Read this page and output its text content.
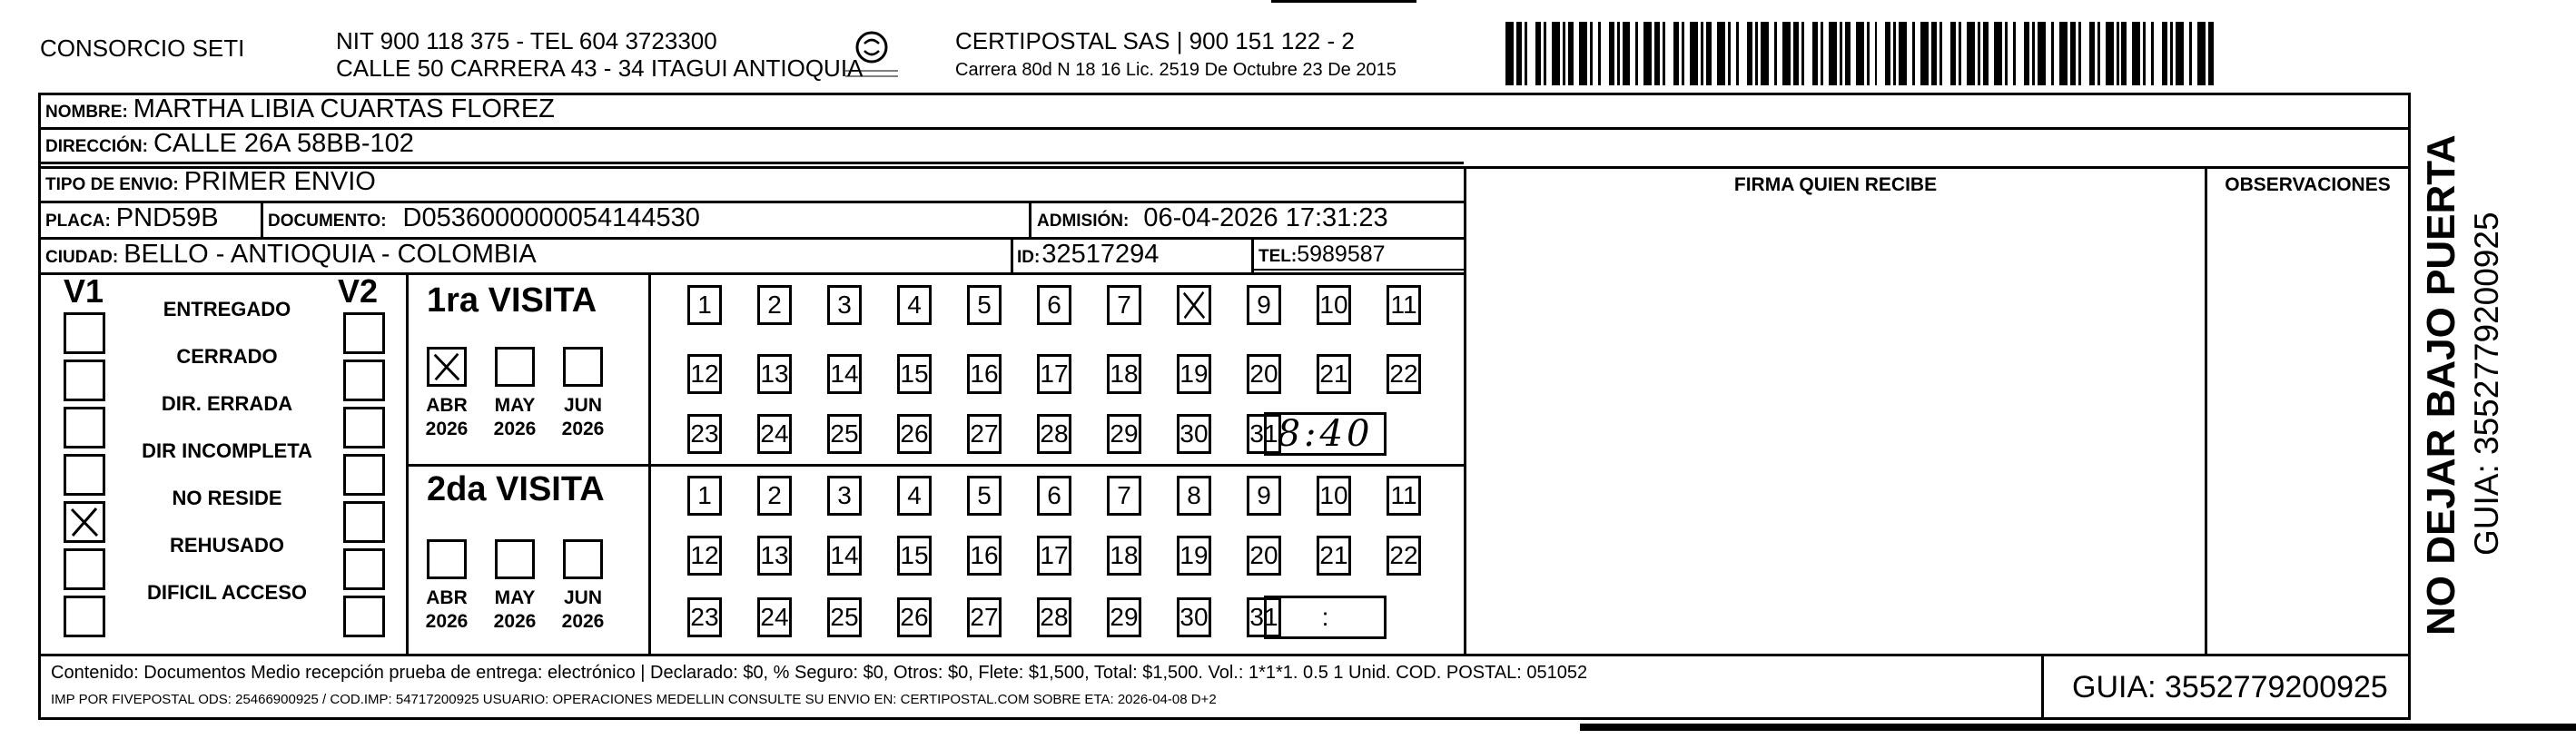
CONSORCIO SETI	NIT 900 118 375 - TEL 604 3723300
CALLE 50 CARRERA 43 - 34 ITAGUI ANTIOQUIA
CERTIPOSTAL SAS | 900 151 122 - 2
Carrera 80d N 18 16 Lic. 2519 De Octubre 23 De 2015
NOMBRE: MARTHA LIBIA CUARTAS FLOREZ
DIRECCIÓN: CALLE 26A 58BB-102
TIPO DE ENVIO: PRIMER ENVIO	FIRMA QUIEN RECIBE	OBSERVACIONES
PLACA: PND59B	DOCUMENTO: D0536000000054144530	ADMISIÓN: 06-04-2026 17:31:23
CIUDAD: BELLO - ANTIOQUIA - COLOMBIA	ID: 32517294	TEL: 5989587
V1	V2
ENTREGADO
CERRADO
DIR. ERRADA
DIR INCOMPLETA
NO RESIDE
REHUSADO
DIFICIL ACCESO
1ra VISITA
2da VISITA
ABR
2026
MAY
2026
JUN
2026
ABR
2026
MAY
2026
JUN
2026
1 2 3 4 5 6 7	9 10 11
12 13 14 15 16 17 18 19 20 21 22
23 24 25 26 27 28 29 30 31 8:40
1 2 3 4 5 6 7 8 9 10 11
12 13 14 15 16 17 18 19 20 21 22
23 24 25 26 27 28 29 30 31 :
Contenido: Documentos Medio recepción prueba de entrega: electrónico | Declarado: $0, % Seguro: $0, Otros: $0, Flete: $1,500, Total: $1,500. Vol.: 1*1*1. 0.5 1 Unid. COD. POSTAL: 051052
IMP POR FIVEPOSTAL ODS: 25466900925 / COD.IMP: 54717200925 USUARIO: OPERACIONES MEDELLIN CONSULTE SU ENVIO EN: CERTIPOSTAL.COM SOBRE ETA: 2026-04-08 D+2	GUIA: 3552779200925
NO DEJAR BAJO PUERTA GUIA: 3552779200925
